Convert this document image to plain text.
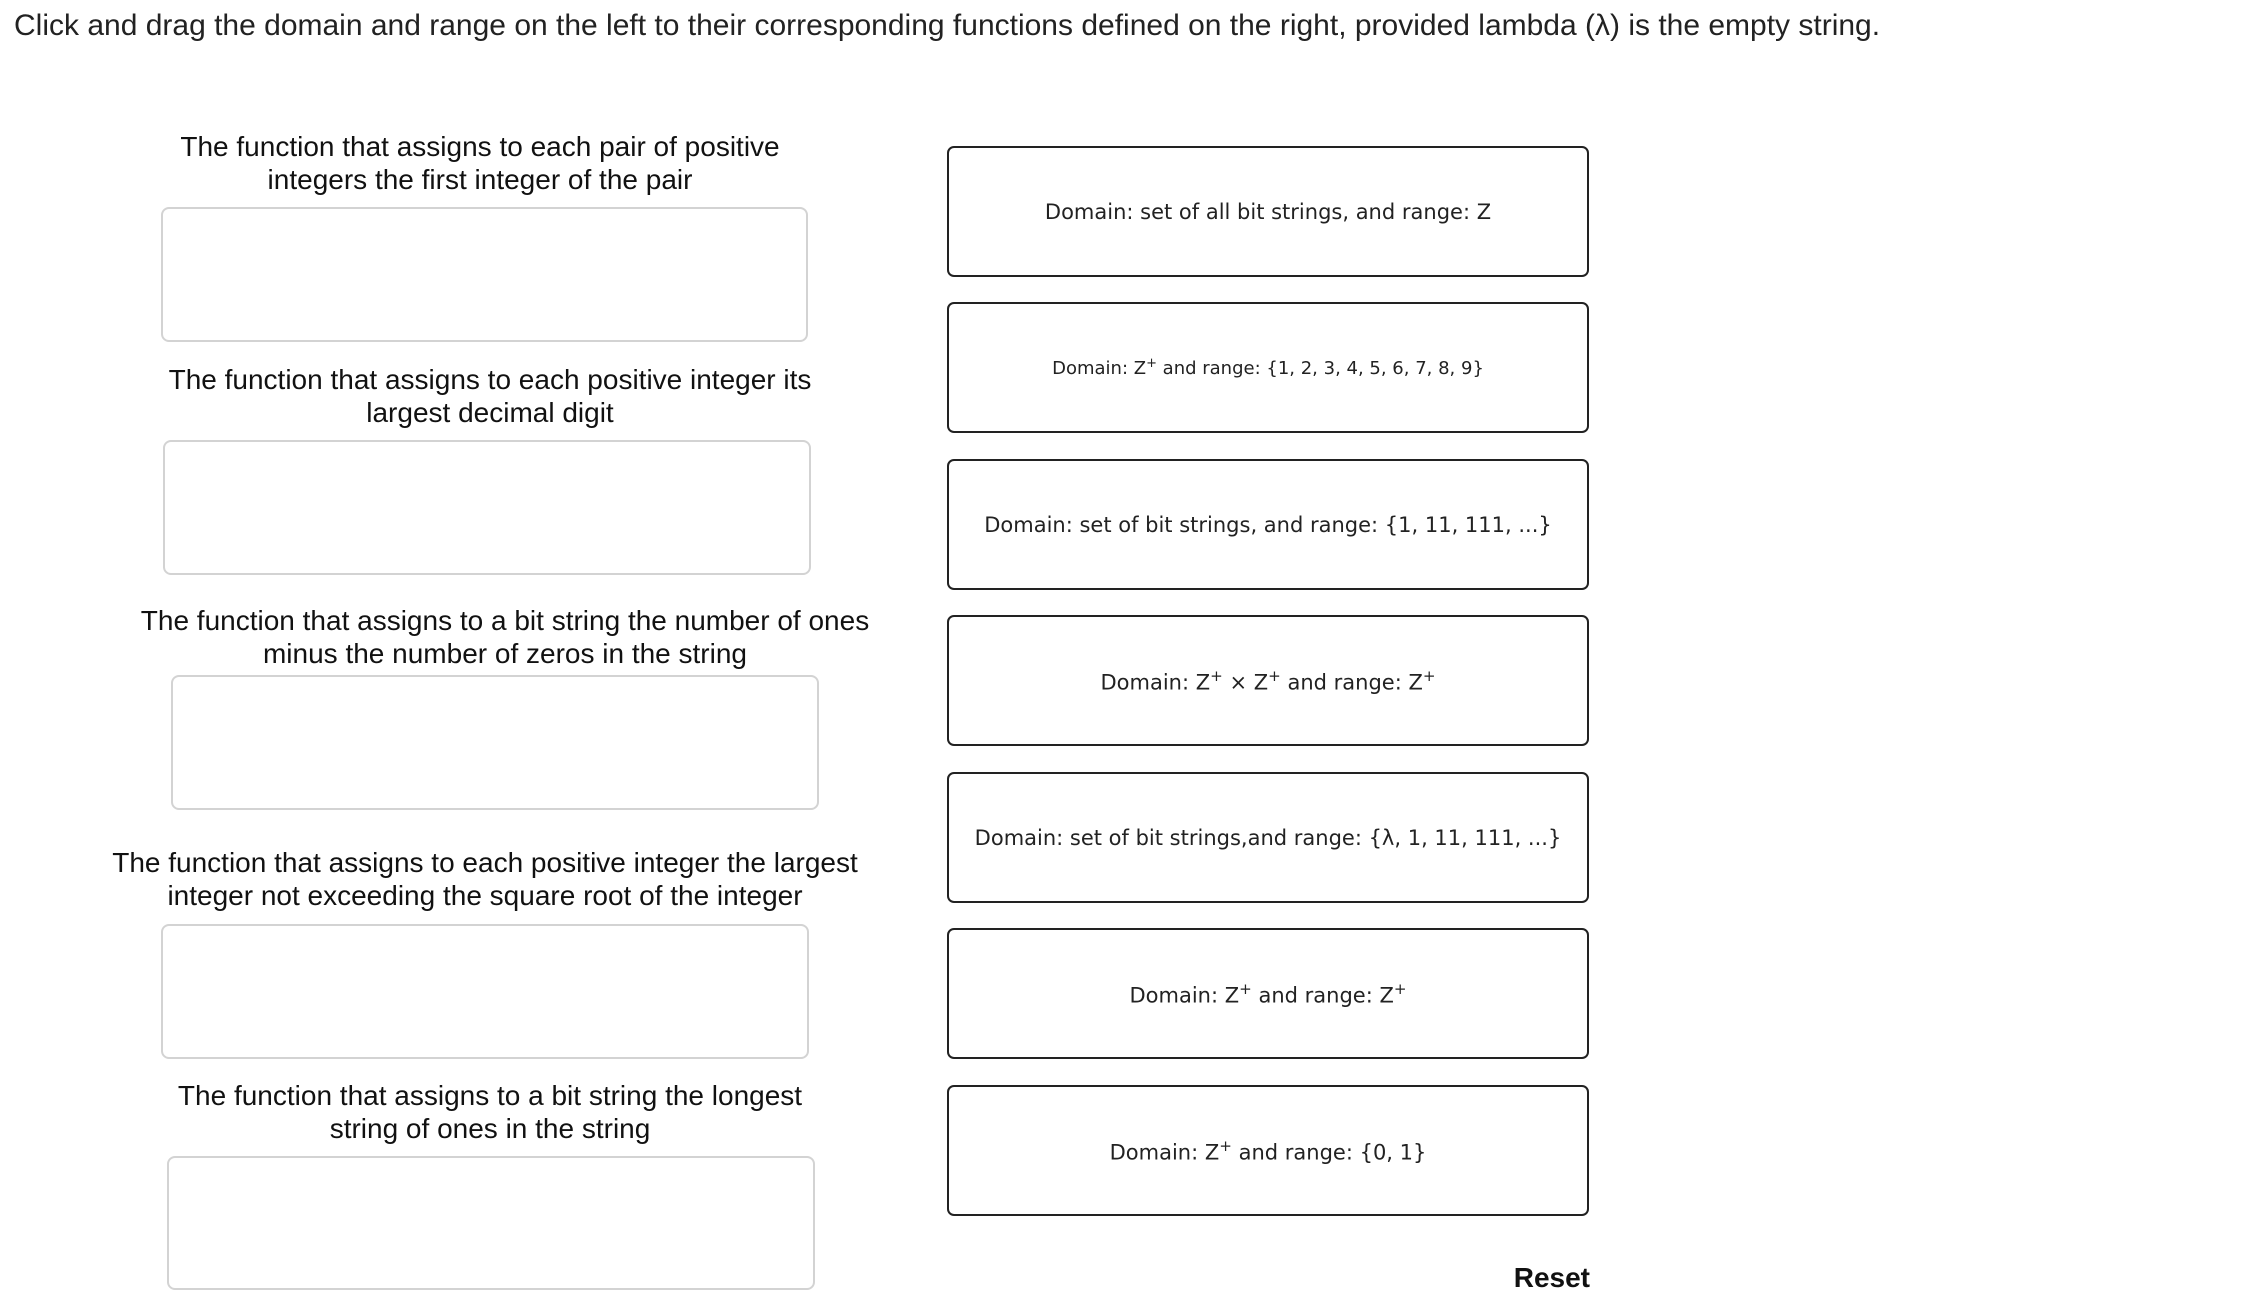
Click and drag the domain and range on the left to their corresponding functions defined on the right, provided lambda (λ) is the empty string.
The function that assigns to each pair of positive integers the first integer of the pair
The function that assigns to each positive integer its largest decimal digit
The function that assigns to a bit string the number of ones minus the number of zeros in the string
The function that assigns to each positive integer the largest integer not exceeding the square root of the integer
The function that assigns to a bit string the longest string of ones in the string
Domain: set of all bit strings, and range: Z
Domain: Z+ and range: {1, 2, 3, 4, 5, 6, 7, 8, 9}
Domain: set of bit strings, and range: {1, 11, 111, ...}
Domain: Z+ × Z+ and range: Z+
Domain: set of bit strings,and range: {λ, 1, 11, 111, ...}
Domain: Z+ and range: Z+
Domain: Z+ and range: {0, 1}
Reset
